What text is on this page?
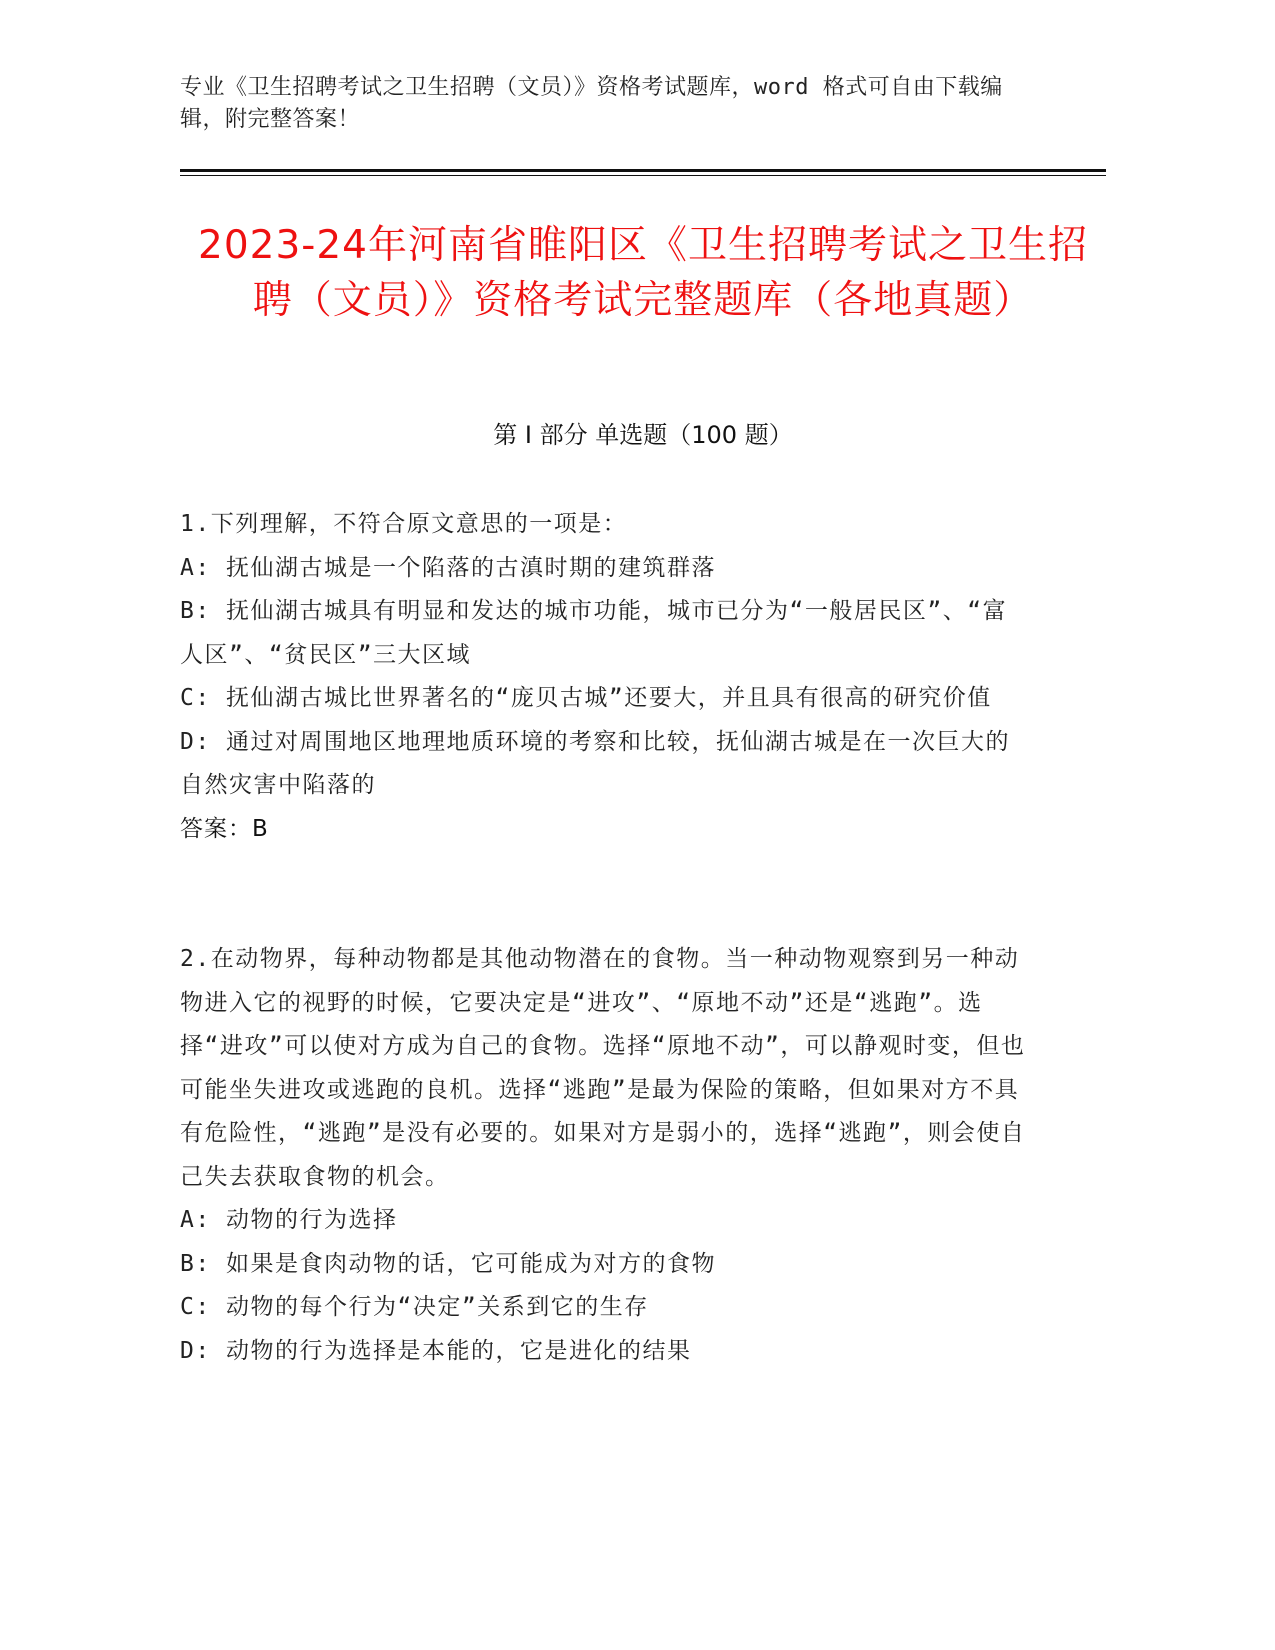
专业《卫生招聘考试之卫生招聘（文员）》资格考试题库，word 格式可自由下载编辑，附完整答案！
2023-24年河南省睢阳区《卫生招聘考试之卫生招聘（文员）》资格考试完整题库（各地真题）
第 I 部分 单选题（100 题）
1.下列理解，不符合原文意思的一项是：
A: 抚仙湖古城是一个陷落的古滇时期的建筑群落
B: 抚仙湖古城具有明显和发达的城市功能，城市已分为“一般居民区”、“富人区”、“贫民区”三大区域
C: 抚仙湖古城比世界著名的“庞贝古城”还要大，并且具有很高的研究价值
D: 通过对周围地区地理地质环境的考察和比较，抚仙湖古城是在一次巨大的自然灾害中陷落的
答案：B
2.在动物界，每种动物都是其他动物潜在的食物。当一种动物观察到另一种动物进入它的视野的时候，它要决定是“进攻”、“原地不动”还是“逃跑”。选择“进攻”可以使对方成为自己的食物。选择“原地不动”，可以静观时变，但也可能坐失进攻或逃跑的良机。选择“逃跑”是最为保险的策略，但如果对方不具有危险性，“逃跑”是没有必要的。如果对方是弱小的，选择“逃跑”，则会使自己失去获取食物的机会。
A: 动物的行为选择
B: 如果是食肉动物的话，它可能成为对方的食物
C: 动物的每个行为“决定”关系到它的生存
D: 动物的行为选择是本能的，它是进化的结果
